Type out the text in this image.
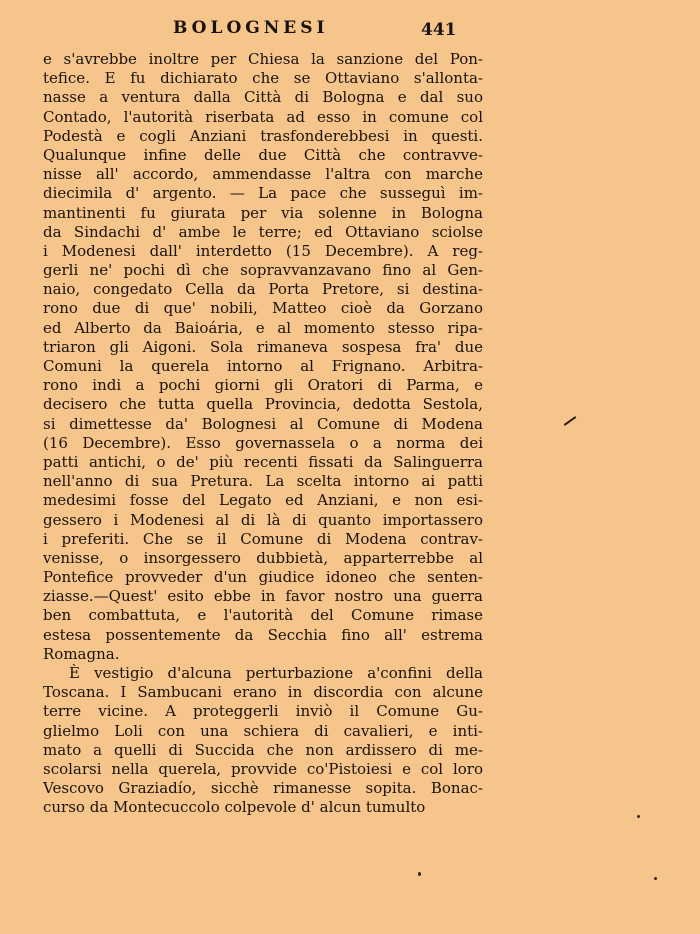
BOLOGNESI	441
e s'avrebbe inoltre per Chiesa la sanzione del Pon-
tefice. E fu dichiarato che se Ottaviano s'allonta-
nasse a ventura dalla Città di Bologna e dal suo
Contado, l'autorità riserbata ad esso in comune col
Podestà e cogli Anziani trasfonderebbesi in questi.
Qualunque infine delle due Città che contravve-
nisse all' accordo, ammendasse l'altra con marche
diecimila d' argento. — La pace che susseguì im-
mantinenti fu giurata per via solenne in Bologna
da Sindachi d' ambe le terre; ed Ottaviano sciolse
i Modenesi dall' interdetto (15 Decembre). A reg-
gerli ne' pochi dì che sopravvanzavano fino al Gen-
naio, congedato Cella da Porta Pretore, si destina-
rono due di que' nobili, Matteo cioè da Gorzano
ed Alberto da Baioária, e al momento stesso ripa-
triaron gli Aigoni. Sola rimaneva sospesa fra' due
Comuni la querela intorno al Frignano. Arbitra-
rono indi a pochi giorni gli Oratori di Parma, e
decisero che tutta quella Provincia, dedotta Sestola,
si dimettesse da' Bolognesi al Comune di Modena
(16 Decembre). Esso governassela o a norma dei
patti antichi, o de' più recenti fissati da Salinguerra
nell'anno di sua Pretura. La scelta intorno ai patti
medesimi fosse del Legato ed Anziani, e non esi-
gessero i Modenesi al di là di quanto importassero
i preferiti. Che se il Comune di Modena contrav-
venisse, o insorgessero dubbietà, apparterrebbe al
Pontefice provveder d'un giudice idoneo che senten-
ziasse.—Quest' esito ebbe in favor nostro una guerra
ben combattuta, e l'autorità del Comune rimase
estesa possentemente da Secchia fino all' estrema
Romagna.
È vestigio d'alcuna perturbazione a'confini della
Toscana. I Sambucani erano in discordia con alcune
terre vicine. A proteggerli inviò il Comune Gu-
glielmo Loli con una schiera di cavalieri, e inti-
mato a quelli di Succida che non ardissero di me-
scolarsi nella querela, provvide co'Pistoiesi e col loro
Vescovo Graziadío, sicchè rimanesse sopita. Bonac-
curso da Montecuccolo colpevole d' alcun tumulto
